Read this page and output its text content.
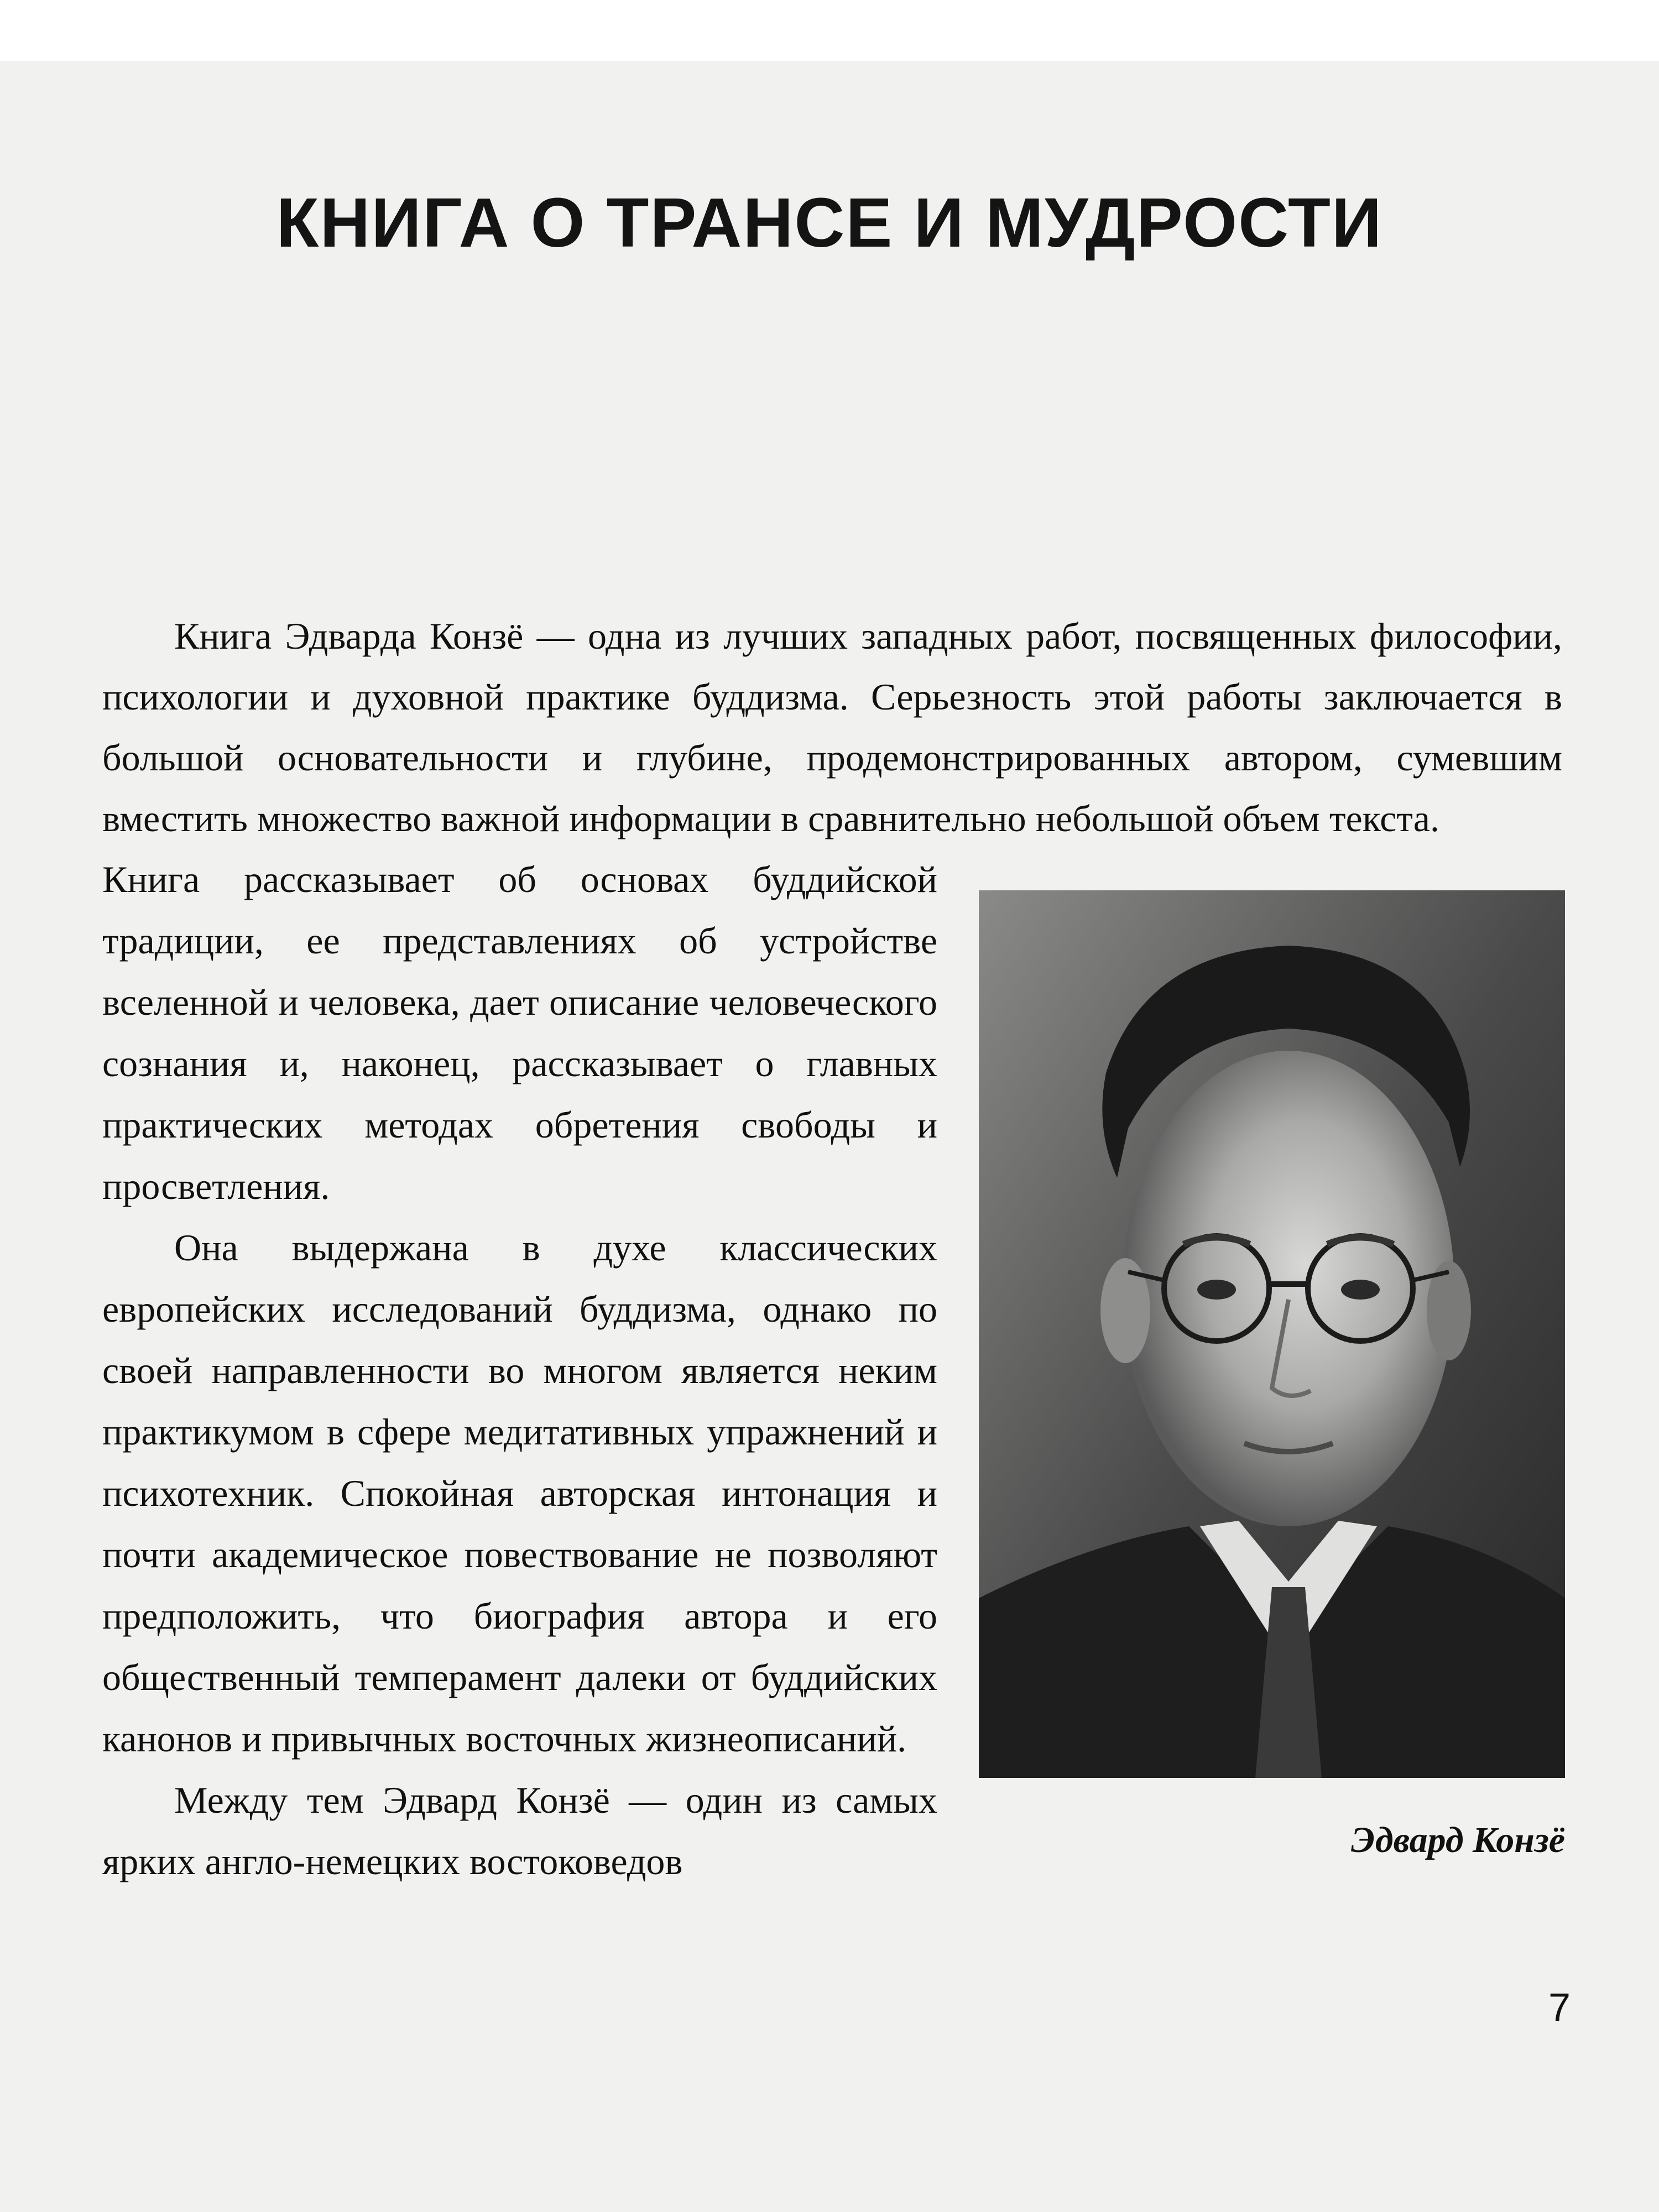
КНИГА О ТРАНСЕ И МУДРОСТИ

Книга Эдварда Конзё — одна из лучших западных работ, посвященных философии, психологии и духовной практике буддизма. Серьезность этой работы заключается в большой основательности и глубине, продемонстрированных автором, сумевшим вместить множество важной информации в сравнительно небольшой объем текста.

Книга рассказывает об основах буддийской традиции, ее представлениях об устройстве вселенной и человека, дает описание человеческого сознания и, наконец, рассказывает о главных практических методах обретения свободы и просветления.

Она выдержана в духе классических европейских исследований буддизма, однако по своей направленности во многом является неким практикумом в сфере медитативных упражнений и психотехник. Спокойная авторская интонация и почти академическое повествование не позволяют предположить, что биография автора и его общественный темперамент далеки от буддийских канонов и привычных восточных жизнеописаний.

Между тем Эдвард Конзё — один из самых ярких англо-немецких востоковедов

Эдвард Конзё

7
